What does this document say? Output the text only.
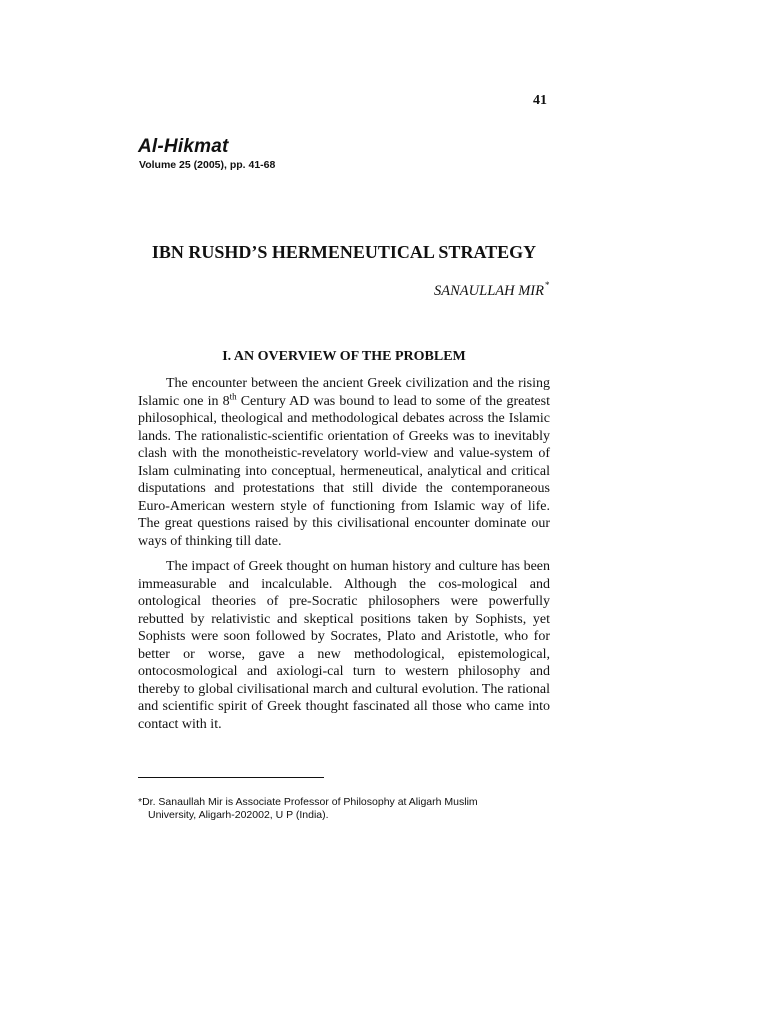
41
Al-Hikmat
Volume 25 (2005), pp. 41-68
IBN RUSHD’S HERMENEUTICAL STRATEGY
SANAULLAH MIR *
I. AN OVERVIEW OF THE PROBLEM

The encounter between the ancient Greek civilization and the rising Islamic one in 8th Century AD was bound to lead to some of the greatest philosophical, theological and methodological debates across the Islamic lands. The rationalistic-scientific orientation of Greeks was to inevitably clash with the monotheistic-revelatory world-view and value-system of Islam culminating into conceptual, hermeneutical, analytical and critical disputations and protestations that still divide the contemporaneous Euro-American western style of functioning from Islamic way of life. The great questions raised by this civilisational encounter dominate our ways of thinking till date.

The impact of Greek thought on human history and culture has been immeasurable and incalculable. Although the cos-mological and ontological theories of pre-Socratic philosophers were powerfully rebutted by relativistic and skeptical positions taken by Sophists, yet Sophists were soon followed by Socrates, Plato and Aristotle, who for better or worse, gave a new methodological, epistemological, ontocosmological and axiologi-cal turn to western philosophy and thereby to global civilisational march and cultural evolution. The rational and scientific spirit of Greek thought fascinated all those who came into contact with it.

*Dr. Sanaullah Mir is Associate Professor of Philosophy at Aligarh Muslim
University, Aligarh-202002, U P (India).
